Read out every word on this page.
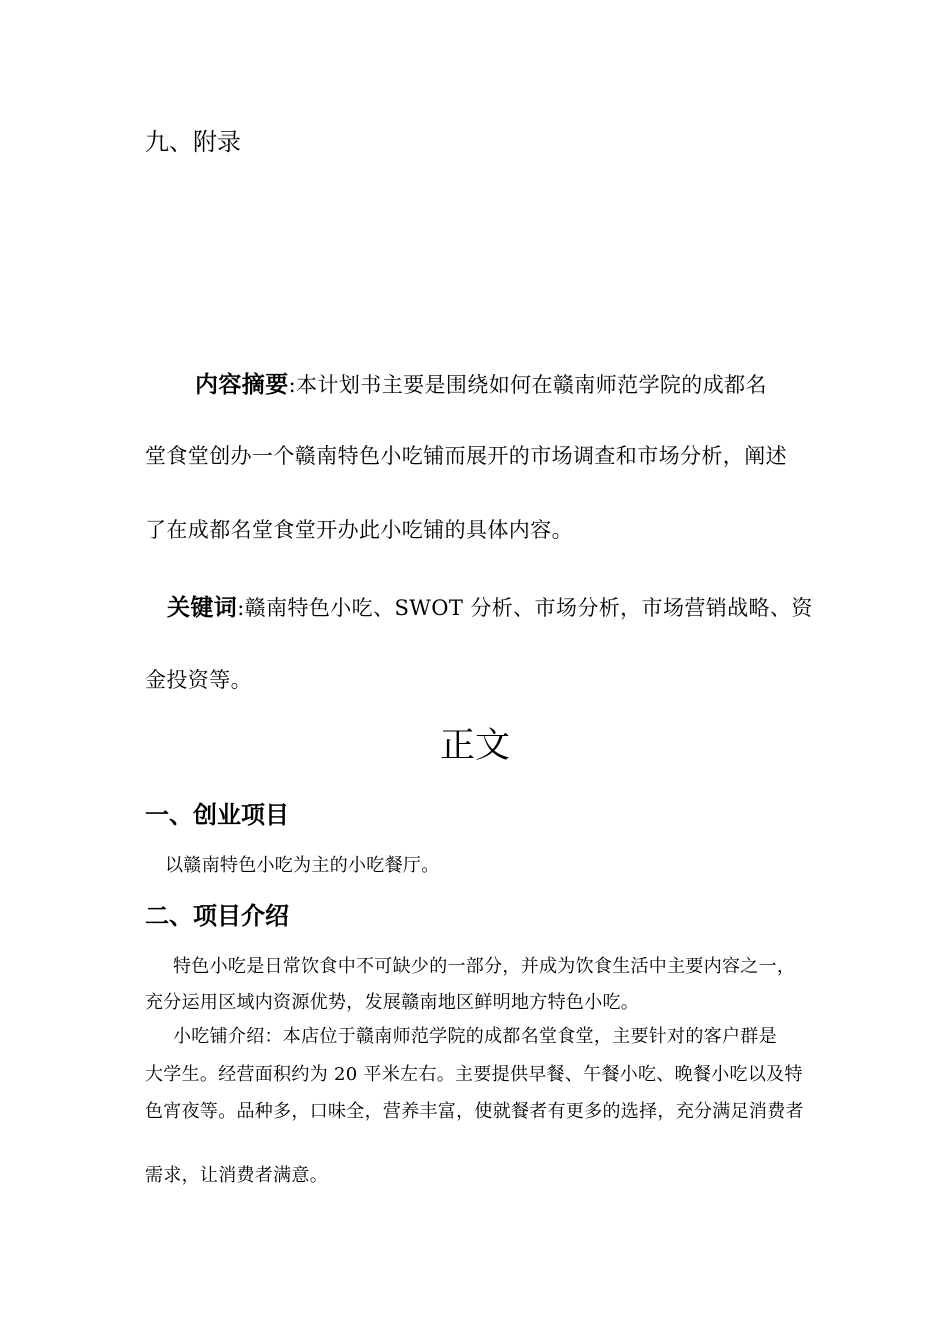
九、附录
内容摘要:本计划书主要是围绕如何在赣南师范学院的成都名
堂食堂创办一个赣南特色小吃铺而展开的市场调查和市场分析，阐述
了在成都名堂食堂开办此小吃铺的具体内容。
关键词:赣南特色小吃、SWOT 分析、市场分析，市场营销战略、资
金投资等。
正文
一、创业项目
以赣南特色小吃为主的小吃餐厅。
二、项目介绍
特色小吃是日常饮食中不可缺少的一部分，并成为饮食生活中主要内容之一，
充分运用区域内资源优势，发展赣南地区鲜明地方特色小吃。
小吃铺介绍：本店位于赣南师范学院的成都名堂食堂，主要针对的客户群是
大学生。经营面积约为 20 平米左右。主要提供早餐、午餐小吃、晚餐小吃以及特
色宵夜等。品种多，口味全，营养丰富，使就餐者有更多的选择，充分满足消费者
需求，让消费者满意。
